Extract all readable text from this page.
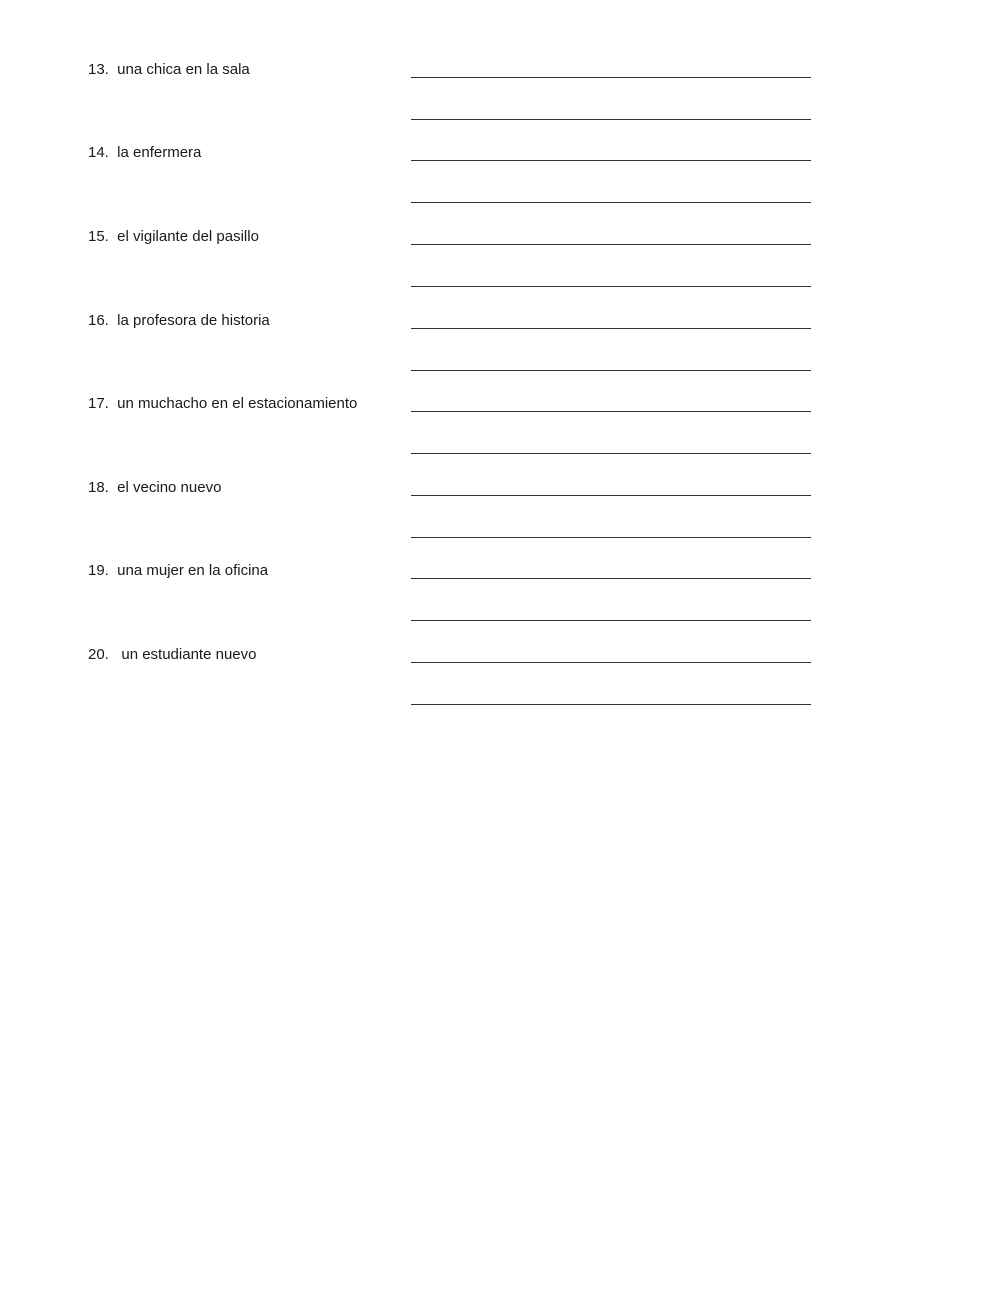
13.  una chica en la sala
14.  la enfermera
15.  el vigilante del pasillo
16.  la profesora de historia
17.  un muchacho en el estacionamiento
18.  el vecino nuevo
19.  una mujer en la oficina
20.   un estudiante nuevo
